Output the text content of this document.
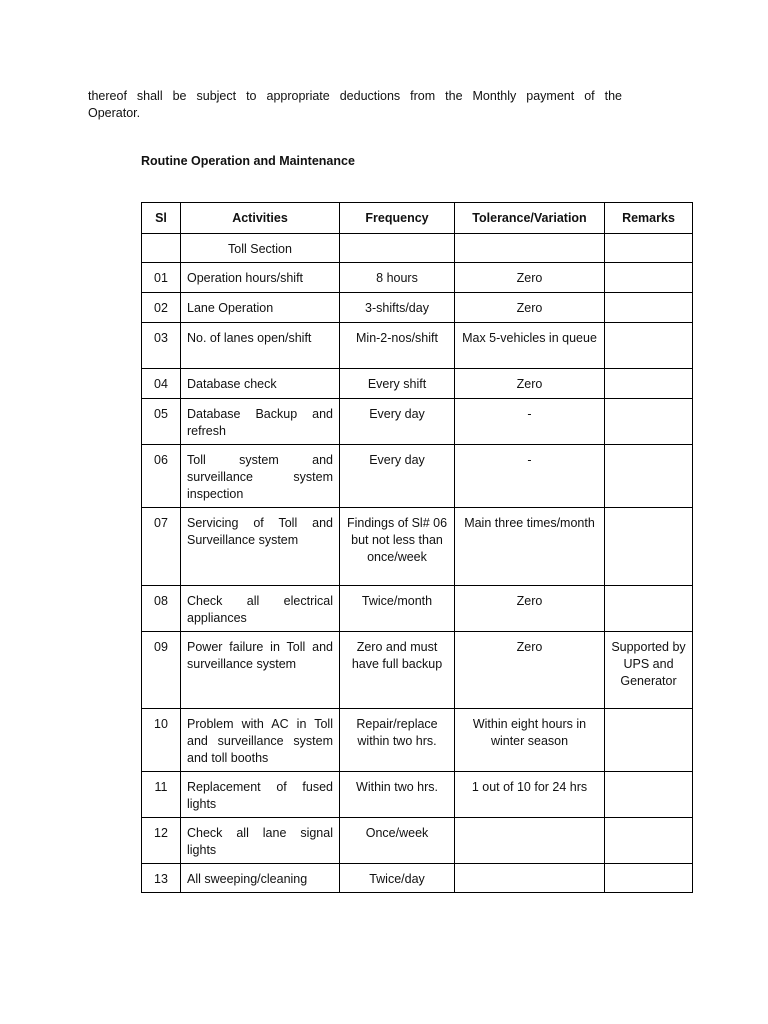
thereof shall be subject to appropriate deductions from the Monthly payment of the
Operator.
Routine Operation and Maintenance
Sl	Activities	Frequency	Tolerance/Variation	Remarks
	Toll Section			
01	Operation hours/shift	8 hours	Zero	
02	Lane Operation	3-shifts/day	Zero	
03	No. of lanes open/shift	Min-2-nos/shift	Max 5-vehicles in queue	
04	Database check	Every shift	Zero	
05	Database Backup and refresh	Every day	-	
06	Toll system and surveillance system inspection	Every day	-	
07	Servicing of Toll and Surveillance system	Findings of Sl# 06 but not less than once/week	Main three times/month	
08	Check all electrical appliances	Twice/month	Zero	
09	Power failure in Toll and surveillance system	Zero and must have full backup	Zero	Supported by UPS and Generator
10	Problem with AC in Toll and surveillance system and toll booths	Repair/replace within two hrs.	Within eight hours in winter season	
11	Replacement of fused lights	Within two hrs.	1 out of 10 for 24 hrs	
12	Check all lane signal lights	Once/week		
13	All sweeping/cleaning	Twice/day		
